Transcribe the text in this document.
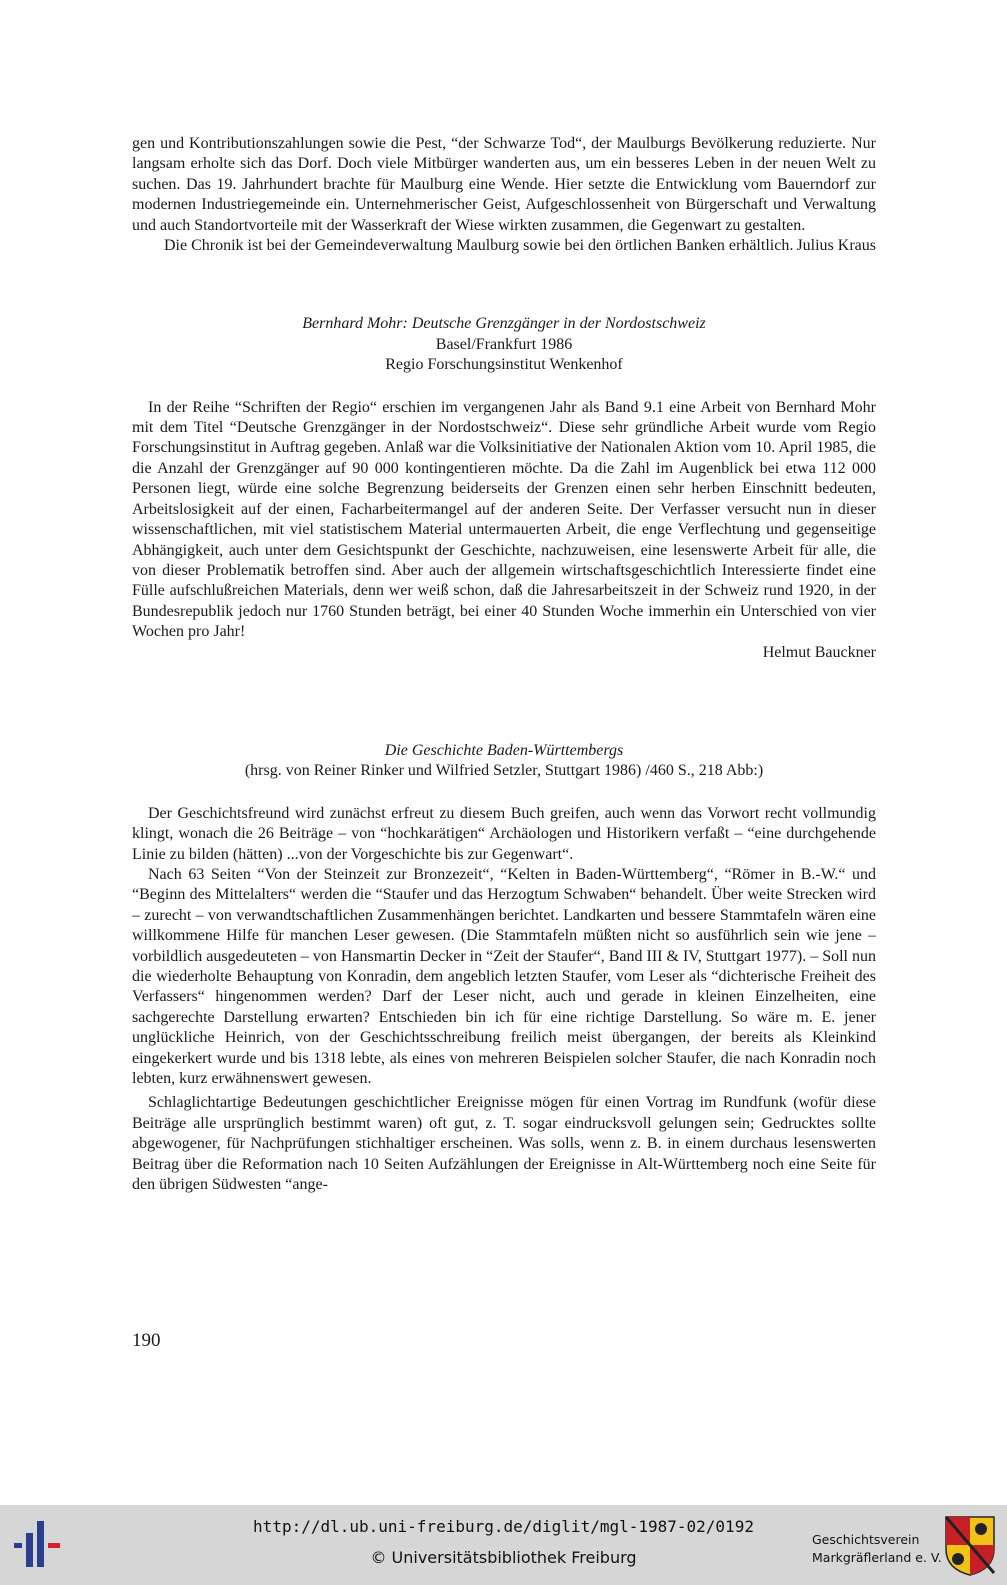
gen und Kontributionszahlungen sowie die Pest, “der Schwarze Tod“, der Maulburgs Bevölkerung reduzierte. Nur langsam erholte sich das Dorf. Doch viele Mitbürger wanderten aus, um ein besseres Leben in der neuen Welt zu suchen. Das 19. Jahrhundert brachte für Maulburg eine Wende. Hier setzte die Entwicklung vom Bauerndorf zur modernen Industriegemeinde ein. Unternehmerischer Geist, Aufgeschlossenheit von Bürgerschaft und Verwaltung und auch Standortvorteile mit der Wasserkraft der Wiese wirkten zusammen, die Gegenwart zu gestalten.

Die Chronik ist bei der Gemeindeverwaltung Maulburg sowie bei den örtlichen Banken erhältlich. Julius Kraus
Bernhard Mohr: Deutsche Grenzgänger in der Nordostschweiz
Basel/Frankfurt 1986
Regio Forschungsinstitut Wenkenhof

In der Reihe “Schriften der Regio“ erschien im vergangenen Jahr als Band 9.1 eine Arbeit von Bernhard Mohr mit dem Titel “Deutsche Grenzgänger in der Nordostschweiz“. Diese sehr gründliche Arbeit wurde vom Regio Forschungsinstitut in Auftrag gegeben. Anlaß war die Volksinitiative der Nationalen Aktion vom 10. April 1985, die die Anzahl der Grenzgänger auf 90 000 kontingentieren möchte. Da die Zahl im Augenblick bei etwa 112 000 Personen liegt, würde eine solche Begrenzung beiderseits der Grenzen einen sehr herben Einschnitt bedeuten, Arbeitslosigkeit auf der einen, Facharbeitermangel auf der anderen Seite. Der Verfasser versucht nun in dieser wissenschaftlichen, mit viel statistischem Material untermauerten Arbeit, die enge Verflechtung und gegenseitige Abhängigkeit, auch unter dem Gesichtspunkt der Geschichte, nachzuweisen, eine lesenswerte Arbeit für alle, die von dieser Problematik betroffen sind. Aber auch der allgemein wirtschaftsgeschichtlich Interessierte findet eine Fülle aufschlußreichen Materials, denn wer weiß schon, daß die Jahresarbeitszeit in der Schweiz rund 1920, in der Bundesrepublik jedoch nur 1760 Stunden beträgt, bei einer 40 Stunden Woche immerhin ein Unterschied von vier Wochen pro Jahr!

Helmut Bauckner
Die Geschichte Baden-Württembergs
(hrsg. von Reiner Rinker und Wilfried Setzler, Stuttgart 1986) /460 S., 218 Abb:)

Der Geschichtsfreund wird zunächst erfreut zu diesem Buch greifen, auch wenn das Vorwort recht vollmundig klingt, wonach die 26 Beiträge – von “hochkarätigen“ Archäologen und Historikern verfaßt – “eine durchgehende Linie zu bilden (hätten) ...von der Vorgeschichte bis zur Gegenwart“.

Nach 63 Seiten “Von der Steinzeit zur Bronzezeit“, “Kelten in Baden-Württemberg“, “Römer in B.-W.“ und “Beginn des Mittelalters“ werden die “Staufer und das Herzogtum Schwaben“ behandelt. Über weite Strecken wird – zurecht – von verwandtschaftlichen Zusammenhängen berichtet. Landkarten und bessere Stammtafeln wären eine willkommene Hilfe für manchen Leser gewesen. (Die Stammtafeln müßten nicht so ausführlich sein wie jene – vorbildlich ausgedeuteten – von Hansmartin Decker in “Zeit der Staufer“, Band III & IV, Stuttgart 1977). – Soll nun die wiederholte Behauptung von Konradin, dem angeblich letzten Staufer, vom Leser als “dichterische Freiheit des Verfassers“ hingenommen werden? Darf der Leser nicht, auch und gerade in kleinen Einzelheiten, eine sachgerechte Darstellung erwarten? Entschieden bin ich für eine richtige Darstellung. So wäre m. E. jener unglückliche Heinrich, von der Geschichtsschreibung freilich meist übergangen, der bereits als Kleinkind eingekerkert wurde und bis 1318 lebte, als eines von mehreren Beispielen solcher Staufer, die nach Konradin noch lebten, kurz erwähnenswert gewesen.

Schlaglichtartige Bedeutungen geschichtlicher Ereignisse mögen für einen Vortrag im Rundfunk (wofür diese Beiträge alle ursprünglich bestimmt waren) oft gut, z. T. sogar eindrucksvoll gelungen sein; Gedrucktes sollte abgewogener, für Nachprüfungen stichhaltiger erscheinen. Was solls, wenn z. B. in einem durchaus lesenswerten Beitrag über die Reformation nach 10 Seiten Aufzählungen der Ereignisse in Alt-Württemberg noch eine Seite für den übrigen Südwesten “ange-

190
http://dl.ub.uni-freiburg.de/diglit/mgl-1987-02/0192
© Universitätsbibliothek Freiburg
Geschichtsverein
Markgräflerland e. V.
